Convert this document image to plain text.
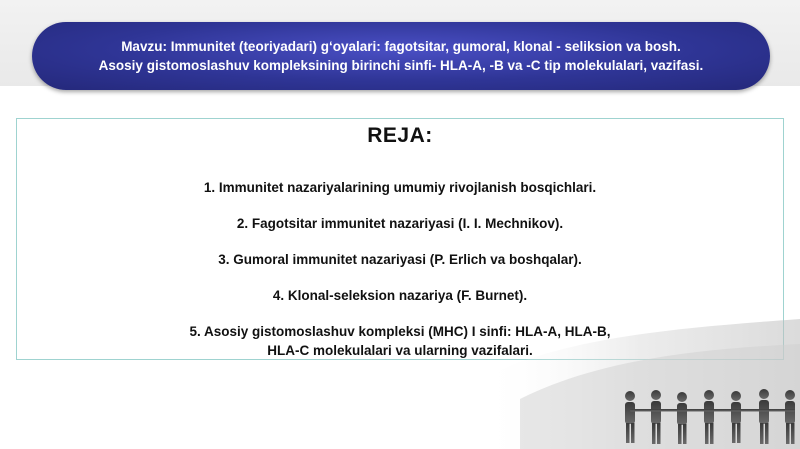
Mavzu: Immunitet (teoriyadari) g‘oyalari: fagotsitar, gumoral, klonal - seliksion va bosh.
Asosiy gistomoslashuv kompleksining birinchi sinfi- HLA-A, -B va -C tip molekulalari, vazifasi.
REJA:
1. Immunitet nazariyalarining umumiy rivojlanish bosqichlari.
2. Fagotsitar immunitet nazariyasi (I. I. Mechnikov).
3. Gumoral immunitet nazariyasi (P. Erlich va boshqalar).
4. Klonal-seleksion nazariya (F. Burnet).
5. Asosiy gistomoslashuv kompleksi (MHC) I sinfi: HLA-A, HLA-B,
HLA-C molekulalari va ularning vazifalari.
